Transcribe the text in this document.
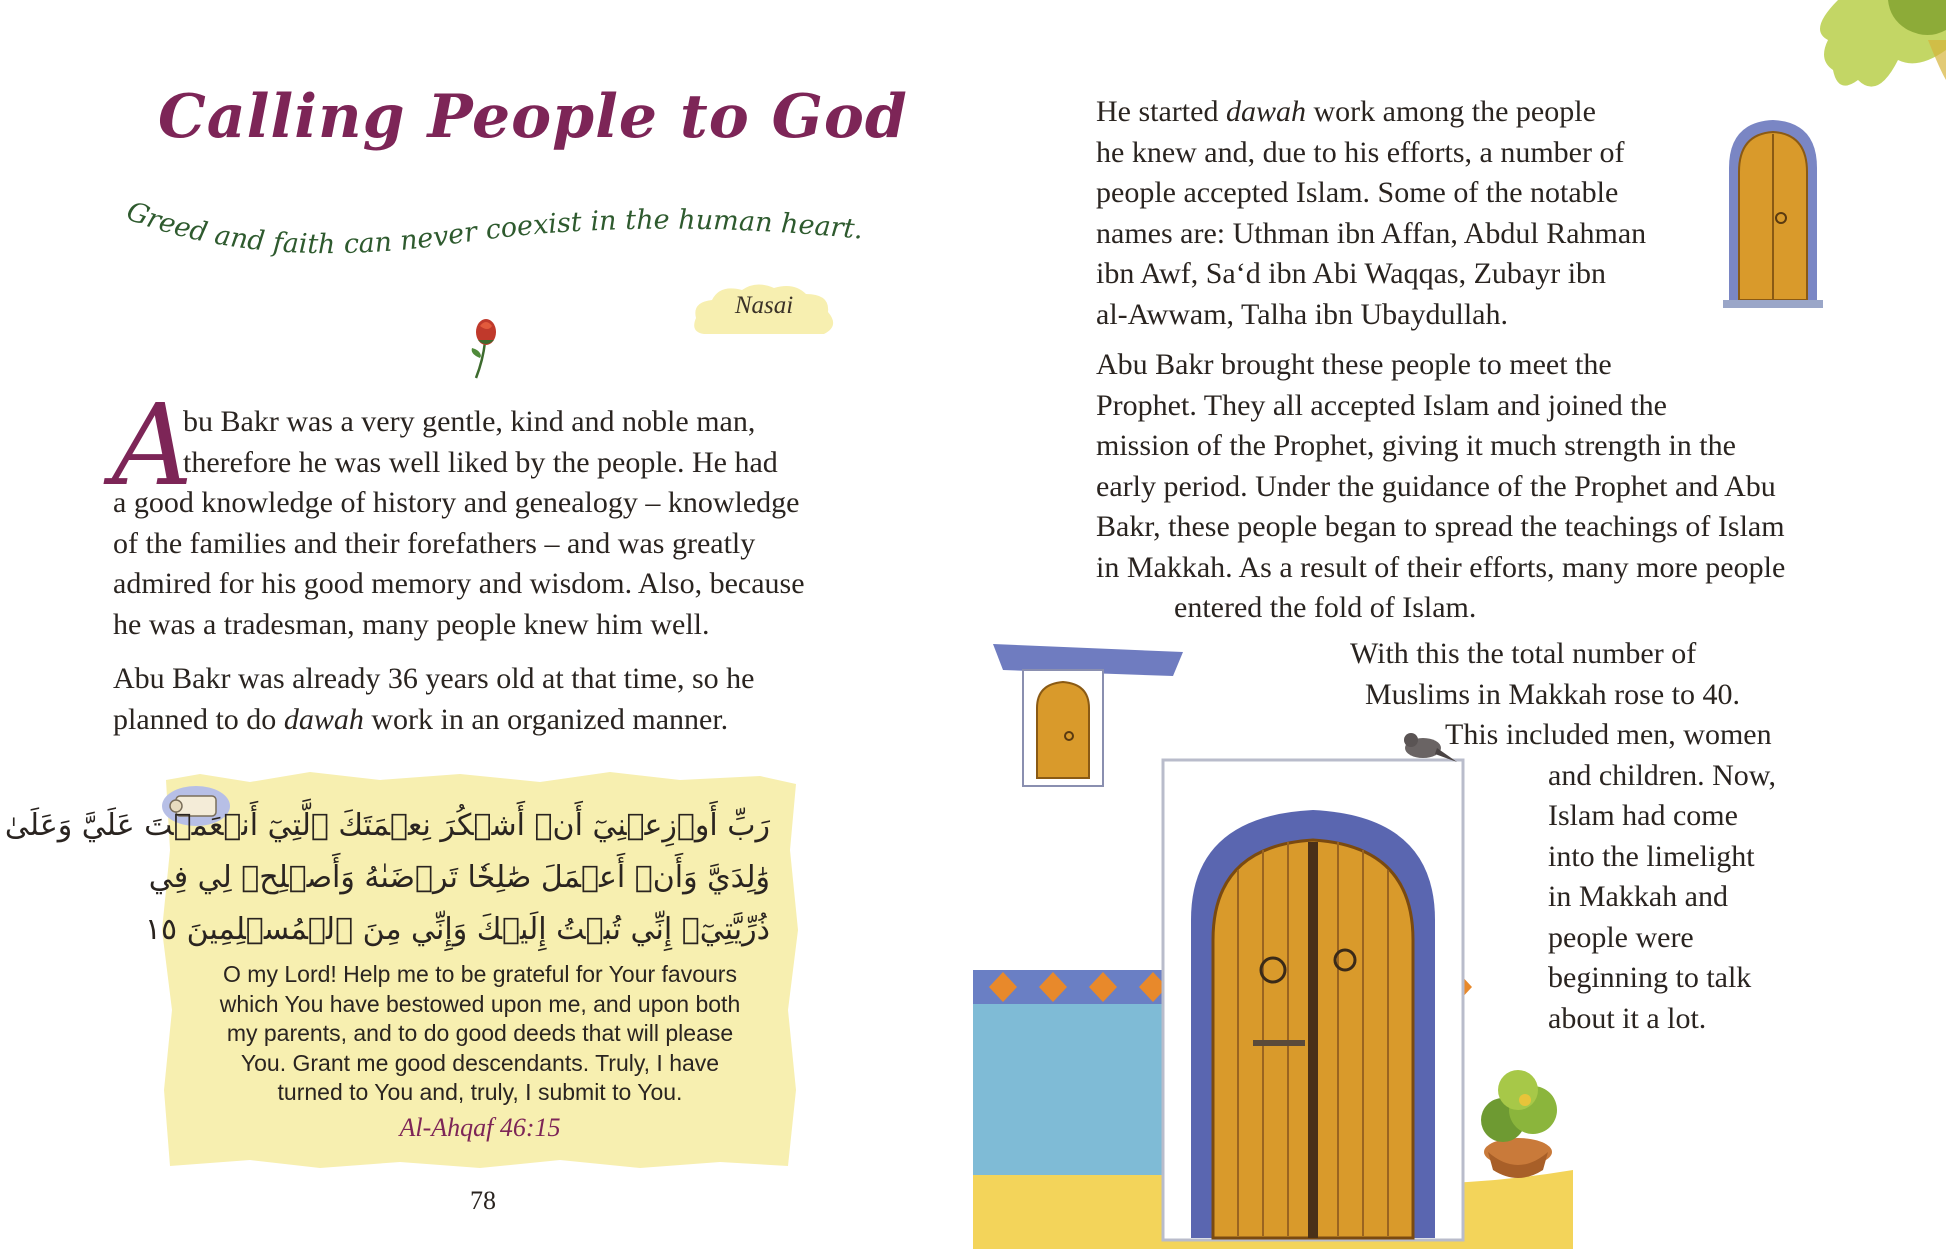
Calling People to God
Greed and faith can never coexist in the human heart.
Nasai
A

bu Bakr was a very gentle, kind and noble man,
therefore he was well liked by the people. He had
a good knowledge of history and genealogy – knowledge
of the families and their forefathers – and was greatly
admired for his good memory and wisdom. Also, because
he was a tradesman, many people knew him well.

Abu Bakr was already 36 years old at that time, so he
planned to do dawah work in an organized manner.

رَبِّ أَوۡزِعۡنِيٓ أَنۡ أَشۡكُرَ نِعۡمَتَكَ ٱلَّتِيٓ أَنۡعَمۡتَ عَلَيَّ وَعَلَىٰ
وَٰلِدَيَّ وَأَنۡ أَعۡمَلَ صَٰلِحٗا تَرۡضَىٰهُ وَأَصۡلِحۡ لِي فِي
ذُرِّيَّتِيٓۖ إِنِّي تُبۡتُ إِلَيۡكَ وَإِنِّي مِنَ ٱلۡمُسۡلِمِينَ ١٥

O my Lord! Help me to be grateful for Your favours
which You have bestowed upon me, and upon both
my parents, and to do good deeds that will please
You. Grant me good descendants. Truly, I have
turned to You and, truly, I submit to You.

Al-Ahqaf 46:15

78

He started dawah work among the people
he knew and, due to his efforts, a number of
people accepted Islam. Some of the notable
names are: Uthman ibn Affan, Abdul Rahman
ibn Awf, Sa‘d ibn Abi Waqqas, Zubayr ibn
al-Awwam, Talha ibn Ubaydullah.

Abu Bakr brought these people to meet the
Prophet. They all accepted Islam and joined the
mission of the Prophet, giving it much strength in the
early period. Under the guidance of the Prophet and Abu
Bakr, these people began to spread the teachings of Islam
in Makkah. As a result of their efforts, many more people
entered the fold of Islam.

With this the total number of
Muslims in Makkah rose to 40.
This included men, women
and children. Now,
Islam had come
into the limelight
in Makkah and
people were
beginning to talk
about it a lot.
